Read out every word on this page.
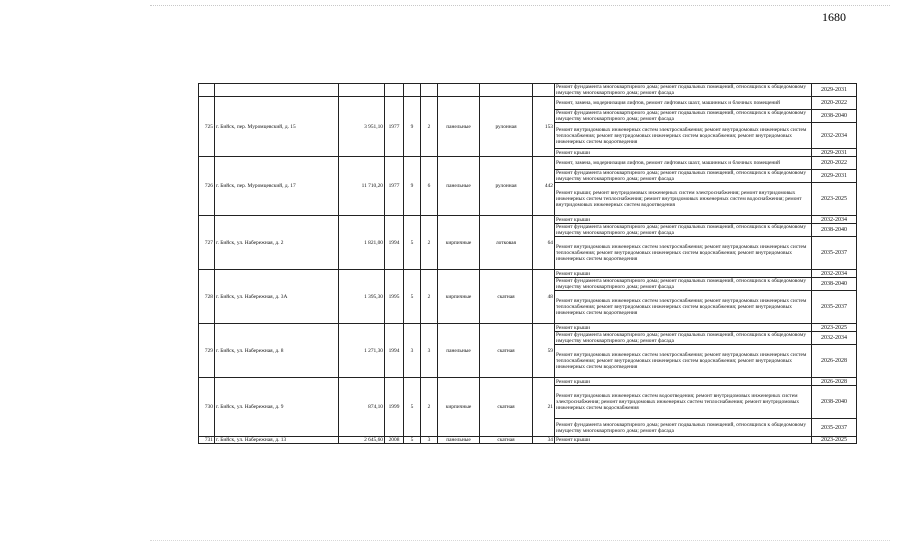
1680
									Ремонт фундамента многоквартирного дома; ремонт подвальных помещений, относящихся к общедомовому имуществу многоквартирного дома; ремонт фасада	2029-2031
725	г. Бийск, пер. Муромцевский, д. 15	3 951,10	1977	9	2	панельные	рулонная	153	Ремонт, замена, модернизация лифтов, ремонт лифтовых шахт, машинных и блочных помещений	2020-2022
									Ремонт фундамента многоквартирного дома; ремонт подвальных помещений, относящихся к общедомовому имуществу многоквартирного дома; ремонт фасада	2038-2040
									Ремонт внутридомовых инженерных систем электроснабжения; ремонт внутридомовых инженерных систем теплоснабжения; ремонт внутридомовых инженерных систем водоснабжения; ремонт внутридомовых инженерных систем водоотведения	2032-2034
									Ремонт крыши	2029-2031
726	г. Бийск, пер. Муромцевский, д. 17	11 710,20	1977	9	6	панельные	рулонная	442	Ремонт, замена, модернизация лифтов, ремонт лифтовых шахт, машинных и блочных помещений	2020-2022
									Ремонт фундамента многоквартирного дома; ремонт подвальных помещений, относящихся к общедомовому имуществу многоквартирного дома; ремонт фасада	2029-2031
									Ремонт крыши; ремонт внутридомовых инженерных систем электроснабжения; ремонт внутридомовых инженерных систем теплоснабжения; ремонт внутридомовых инженерных систем водоснабжения; ремонт внутридомовых инженерных систем водоотведения	2023-2025
727	г. Бийск, ул. Набережная, д. 2	1 821,00	1994	5	2	кирпичные	лотковая	64	Ремонт крыши	2032-2034
									Ремонт фундамента многоквартирного дома; ремонт подвальных помещений, относящихся к общедомовому имуществу многоквартирного дома; ремонт фасада	2038-2040
									Ремонт внутридомовых инженерных систем электроснабжения; ремонт внутридомовых инженерных систем теплоснабжения; ремонт внутридомовых инженерных систем водоснабжения; ремонт внутридомовых инженерных систем водоотведения	2035-2037
728	г. Бийск, ул. Набережная, д. 3А	1 395,30	1995	5	2	кирпичные	скатная	48	Ремонт крыши	2032-2034
									Ремонт фундамента многоквартирного дома; ремонт подвальных помещений, относящихся к общедомовому имуществу многоквартирного дома; ремонт фасада	2038-2040
									Ремонт внутридомовых инженерных систем электроснабжения; ремонт внутридомовых инженерных систем теплоснабжения; ремонт внутридомовых инженерных систем водоснабжения; ремонт внутридомовых инженерных систем водоотведения	2035-2037
729	г. Бийск, ул. Набережная, д. 8	1 271,30	1994	3	3	панельные	скатная	59	Ремонт крыши	2023-2025
									Ремонт фундамента многоквартирного дома; ремонт подвальных помещений, относящихся к общедомовому имуществу многоквартирного дома; ремонт фасада	2032-2034
									Ремонт внутридомовых инженерных систем электроснабжения; ремонт внутридомовых инженерных систем теплоснабжения; ремонт внутридомовых инженерных систем водоснабжения; ремонт внутридомовых инженерных систем водоотведения	2026-2028
730	г. Бийск, ул. Набережная, д. 9	874,10	1999	5	2	кирпичные	скатная	21	Ремонт крыши	2026-2028
									Ремонт внутридомовых инженерных систем водоотведения; ремонт внутридомовых инженерных систем электроснабжения; ремонт внутридомовых инженерных систем теплоснабжения; ремонт внутридомовых инженерных систем водоснабжения	2038-2040
									Ремонт фундамента многоквартирного дома; ремонт подвальных помещений, относящихся к общедомовому имуществу многоквартирного дома; ремонт фасада	2035-2037
731	г. Бийск, ул. Набережная, д. 13	2 645,60	2008	5	3	панельные	скатная	34	Ремонт крыши	2023-2025
